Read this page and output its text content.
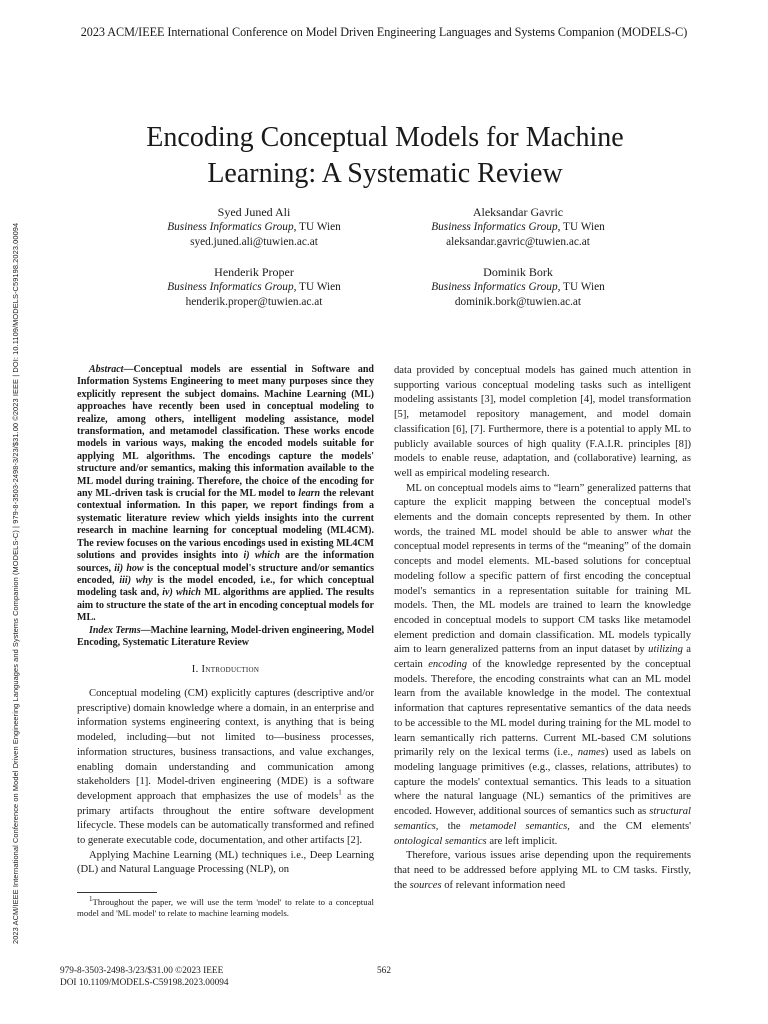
2023 ACM/IEEE International Conference on Model Driven Engineering Languages and Systems Companion (MODELS-C)
2023 ACM/IEEE International Conference on Model Driven Engineering Languages and Systems Companion (MODELS-C) | 979-8-3503-2498-3/23/$31.00 ©2023 IEEE | DOI: 10.1109/MODELS-C59198.2023.00094
Encoding Conceptual Models for Machine
Learning: A Systematic Review
Syed Juned Ali
Business Informatics Group, TU Wien
syed.juned.ali@tuwien.ac.at
Aleksandar Gavric
Business Informatics Group, TU Wien
aleksandar.gavric@tuwien.ac.at
Henderik Proper
Business Informatics Group, TU Wien
henderik.proper@tuwien.ac.at
Dominik Bork
Business Informatics Group, TU Wien
dominik.bork@tuwien.ac.at

Abstract—Conceptual models are essential in Software and Information Systems Engineering to meet many purposes since they explicitly represent the subject domains. Machine Learning (ML) approaches have recently been used in conceptual modeling to realize, among others, intelligent modeling assistance, model transformation, and metamodel classification. These works encode models in various ways, making the encoded models suitable for applying ML algorithms. The encodings capture the models' structure and/or semantics, making this information available to the ML model during training. Therefore, the choice of the encoding for any ML-driven task is crucial for the ML model to learn the relevant contextual information. In this paper, we report findings from a systematic literature review which yields insights into the current research in machine learning for conceptual modeling (ML4CM). The review focuses on the various encodings used in existing ML4CM solutions and provides insights into i) which are the information sources, ii) how is the conceptual model's structure and/or semantics encoded, iii) why is the model encoded, i.e., for which conceptual modeling task and, iv) which ML algorithms are applied. The results aim to structure the state of the art in encoding conceptual models for ML.

Index Terms—Machine learning, Model-driven engineering, Model Encoding, Systematic Literature Review

I. Introduction

Conceptual modeling (CM) explicitly captures (descriptive and/or prescriptive) domain knowledge where a domain, in an enterprise and information systems engineering context, is anything that is being modeled, including—but not limited to—business processes, information structures, business transactions, and value exchanges, enabling domain understanding and communication among stakeholders [1]. Model-driven engineering (MDE) is a software development approach that emphasizes the use of models$^1$ as the primary artifacts throughout the entire software development lifecycle. These models can be automatically transformed and refined to generate executable code, documentation, and other artifacts [2].

Applying Machine Learning (ML) techniques i.e., Deep Learning (DL) and Natural Language Processing (NLP), on

$^1$Throughout the paper, we will use the term 'model' to relate to a conceptual model and 'ML model' to relate to machine learning models.

data provided by conceptual models has gained much attention in supporting various conceptual modeling tasks such as intelligent modeling assistants [3], model completion [4], model transformation [5], metamodel repository management, and model domain classification [6], [7]. Furthermore, there is a potential to apply ML to publicly available sources of high quality (F.A.I.R. principles [8]) models to enable reuse, adaptation, and (collaborative) learning, as well as empirical modeling research.

ML on conceptual models aims to “learn” generalized patterns that capture the explicit mapping between the conceptual model's elements and the domain concepts represented by them. In other words, the trained ML model should be able to answer what the conceptual model represents in terms of the “meaning” of the domain concepts and model elements. ML-based solutions for conceptual modeling follow a specific pattern of first encoding the conceptual model's semantics in a representation suitable for training ML models. Then, the ML models are trained to learn the knowledge encoded in conceptual models to support CM tasks like metamodel element prediction and domain classification. ML models typically aim to learn generalized patterns from an input dataset by utilizing a certain encoding of the knowledge represented by the conceptual models. Therefore, the encoding constraints what can an ML model learn from the available knowledge in the model. The contextual information that captures representative semantics of the data needs to be accessible to the ML model during training for the ML model to learn semantically rich patterns. Current ML-based CM solutions primarily rely on the lexical terms (i.e., names) used as labels on modeling language primitives (e.g., classes, relations, attributes) to capture the models' contextual semantics. This leads to a situation where the natural language (NL) semantics of the primitives are encoded. However, additional sources of semantics such as structural semantics, the metamodel semantics, and the CM elements' ontological semantics are left implicit.

Therefore, various issues arise depending upon the requirements that need to be addressed before applying ML to CM tasks. Firstly, the sources of relevant information need

979-8-3503-2498-3/23/$31.00 ©2023 IEEE
DOI 10.1109/MODELS-C59198.2023.00094
562
